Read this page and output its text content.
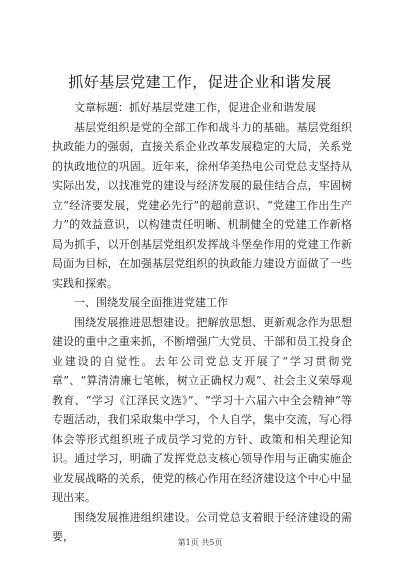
抓好基层党建工作，促进企业和谐发展

文章标题：抓好基层党建工作，促进企业和谐发展

基层党组织是党的全部工作和战斗力的基础。基层党组织执政能力的强弱，直接关系企业改革发展稳定的大局，关系党的执政地位的巩固。近年来，徐州华美热电公司党总支坚持从实际出发，以找准党的建设与经济发展的最佳结合点，牢固树立“经济要发展，党建必先行”的超前意识、“党建工作出生产力”的效益意识，以构建责任明晰、机制健全的党建工作新格局为抓手，以开创基层党组织发挥战斗堡垒作用的党建工作新局面为目标，在加强基层党组织的执政能力建设方面做了一些实践和探索。

一、围绕发展全面推进党建工作

围绕发展推进思想建设。把解放思想、更新观念作为思想建设的重中之重来抓，不断增强广大党员、干部和员工投身企业建设的自觉性。去年公司党总支开展了“学习贯彻党章”、“算清清廉七笔帐，树立正确权力观”、社会主义荣辱观教育、“学习《江泽民文选》”、“学习十六届六中全会精神”等专题活动，我们采取集中学习，个人自学，集中交流，写心得体会等形式组织班子成员学习党的方针、政策和相关理论知识。通过学习，明确了发挥党总支核心领导作用与正确实施企业发展战略的关系，使党的核心作用在经济建设这个中心中显现出来。

围绕发展推进组织建设。公司党总支着眼于经济建设的需要，	第1页 共5页
